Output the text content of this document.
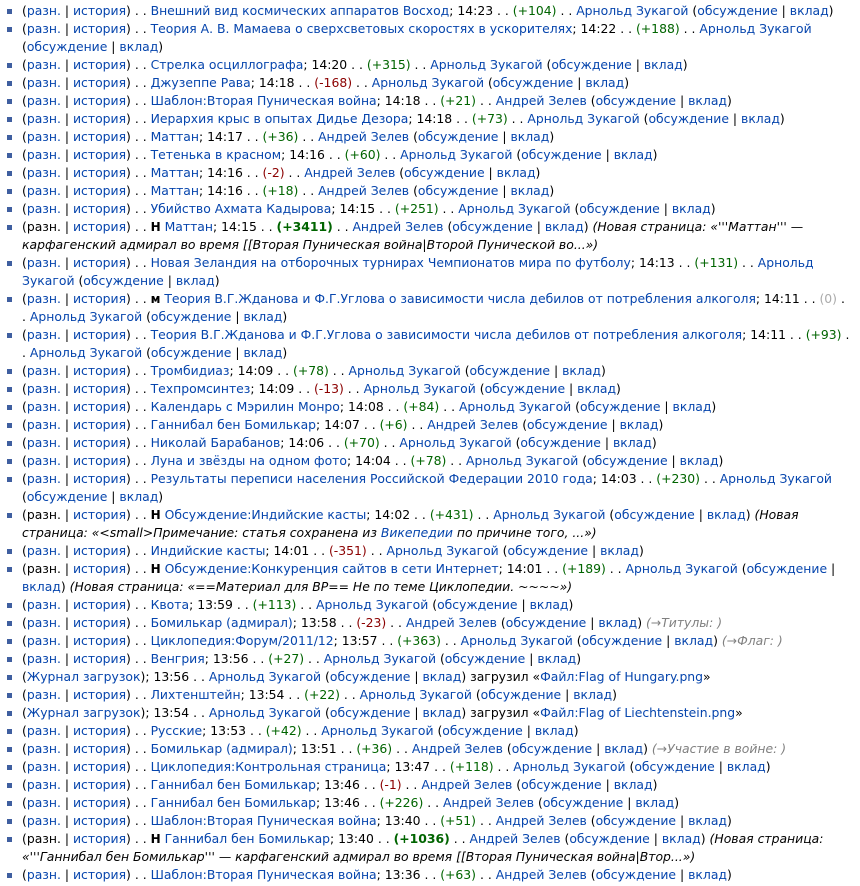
(разн. | история) . . Внешний вид космических аппаратов Восход; 14:23 . . (+104) . . Арнольд Зукагой (обсуждение | вклад)
(разн. | история) . . Теория А. В. Мамаева о сверхсветовых скоростях в ускорителях; 14:22 . . (+188) . . Арнольд Зукагой (обсуждение | вклад)
(разн. | история) . . Стрелка осциллографа; 14:20 . . (+315) . . Арнольд Зукагой (обсуждение | вклад)
(разн. | история) . . Джузеппе Рава; 14:18 . . (-168) . . Арнольд Зукагой (обсуждение | вклад)
(разн. | история) . . Шаблон:Вторая Пуническая война; 14:18 . . (+21) . . Андрей Зелев (обсуждение | вклад)
(разн. | история) . . Иерархия крыс в опытах Дидье Дезора; 14:18 . . (+73) . . Арнольд Зукагой (обсуждение | вклад)
(разн. | история) . . Маттан; 14:17 . . (+36) . . Андрей Зелев (обсуждение | вклад)
(разн. | история) . . Тетенька в красном; 14:16 . . (+60) . . Арнольд Зукагой (обсуждение | вклад)
(разн. | история) . . Маттан; 14:16 . . (-2) . . Андрей Зелев (обсуждение | вклад)
(разн. | история) . . Маттан; 14:16 . . (+18) . . Андрей Зелев (обсуждение | вклад)
(разн. | история) . . Убийство Ахмата Кадырова; 14:15 . . (+251) . . Арнольд Зукагой (обсуждение | вклад)
(разн. | история) . . Н Маттан; 14:15 . . (+3411) . . Андрей Зелев (обсуждение | вклад) (Новая страница: «'''Маттан''' — карфагенский адмирал во время [[Вторая Пуническая война|Второй Пунической во...»)
(разн. | история) . . Новая Зеландия на отборочных турнирах Чемпионатов мира по футболу; 14:13 . . (+131) . . Арнольд Зукагой (обсуждение | вклад)
(разн. | история) . . м Теория В.Г.Жданова и Ф.Г.Углова о зависимости числа дебилов от потребления алкоголя; 14:11 . . (0) . . Арнольд Зукагой (обсуждение | вклад)
(разн. | история) . . Теория В.Г.Жданова и Ф.Г.Углова о зависимости числа дебилов от потребления алкоголя; 14:11 . . (+93) . . Арнольд Зукагой (обсуждение | вклад)
(разн. | история) . . Тромбидиаз; 14:09 . . (+78) . . Арнольд Зукагой (обсуждение | вклад)
(разн. | история) . . Техпромсинтез; 14:09 . . (-13) . . Арнольд Зукагой (обсуждение | вклад)
(разн. | история) . . Календарь с Мэрилин Монро; 14:08 . . (+84) . . Арнольд Зукагой (обсуждение | вклад)
(разн. | история) . . Ганнибал бен Бомилькар; 14:07 . . (+6) . . Андрей Зелев (обсуждение | вклад)
(разн. | история) . . Николай Барабанов; 14:06 . . (+70) . . Арнольд Зукагой (обсуждение | вклад)
(разн. | история) . . Луна и звёзды на одном фото; 14:04 . . (+78) . . Арнольд Зукагой (обсуждение | вклад)
(разн. | история) . . Результаты переписи населения Российской Федерации 2010 года; 14:03 . . (+230) . . Арнольд Зукагой (обсуждение | вклад)
(разн. | история) . . Н Обсуждение:Индийские касты; 14:02 . . (+431) . . Арнольд Зукагой (обсуждение | вклад) (Новая страница: «<small>Примечание: статья сохранена из Викепедии по причине того, ...»)
(разн. | история) . . Индийские касты; 14:01 . . (-351) . . Арнольд Зукагой (обсуждение | вклад)
(разн. | история) . . Н Обсуждение:Конкуренция сайтов в сети Интернет; 14:01 . . (+189) . . Арнольд Зукагой (обсуждение | вклад) (Новая страница: «==Материал для ВР== Не по теме Циклопедии. ~~~~»)
(разн. | история) . . Квота; 13:59 . . (+113) . . Арнольд Зукагой (обсуждение | вклад)
(разн. | история) . . Бомилькар (адмирал); 13:58 . . (-23) . . Андрей Зелев (обсуждение | вклад) (→Титулы: )
(разн. | история) . . Циклопедия:Форум/2011/12; 13:57 . . (+363) . . Арнольд Зукагой (обсуждение | вклад) (→Флаг: )
(разн. | история) . . Венгрия; 13:56 . . (+27) . . Арнольд Зукагой (обсуждение | вклад)
(Журнал загрузок); 13:56 . . Арнольд Зукагой (обсуждение | вклад) загрузил «Файл:Flag of Hungary.png»
(разн. | история) . . Лихтенштейн; 13:54 . . (+22) . . Арнольд Зукагой (обсуждение | вклад)
(Журнал загрузок); 13:54 . . Арнольд Зукагой (обсуждение | вклад) загрузил «Файл:Flag of Liechtenstein.png»
(разн. | история) . . Русские; 13:53 . . (+42) . . Арнольд Зукагой (обсуждение | вклад)
(разн. | история) . . Бомилькар (адмирал); 13:51 . . (+36) . . Андрей Зелев (обсуждение | вклад) (→Участие в войне: )
(разн. | история) . . Циклопедия:Контрольная страница; 13:47 . . (+118) . . Арнольд Зукагой (обсуждение | вклад)
(разн. | история) . . Ганнибал бен Бомилькар; 13:46 . . (-1) . . Андрей Зелев (обсуждение | вклад)
(разн. | история) . . Ганнибал бен Бомилькар; 13:46 . . (+226) . . Андрей Зелев (обсуждение | вклад)
(разн. | история) . . Шаблон:Вторая Пуническая война; 13:40 . . (+51) . . Андрей Зелев (обсуждение | вклад)
(разн. | история) . . Н Ганнибал бен Бомилькар; 13:40 . . (+1036) . . Андрей Зелев (обсуждение | вклад) (Новая страница: «'''Ганнибал бен Бомилькар''' — карфагенский адмирал во время [[Вторая Пуническая война|Втор...»)
(разн. | история) . . Шаблон:Вторая Пуническая война; 13:36 . . (+63) . . Андрей Зелев (обсуждение | вклад)
